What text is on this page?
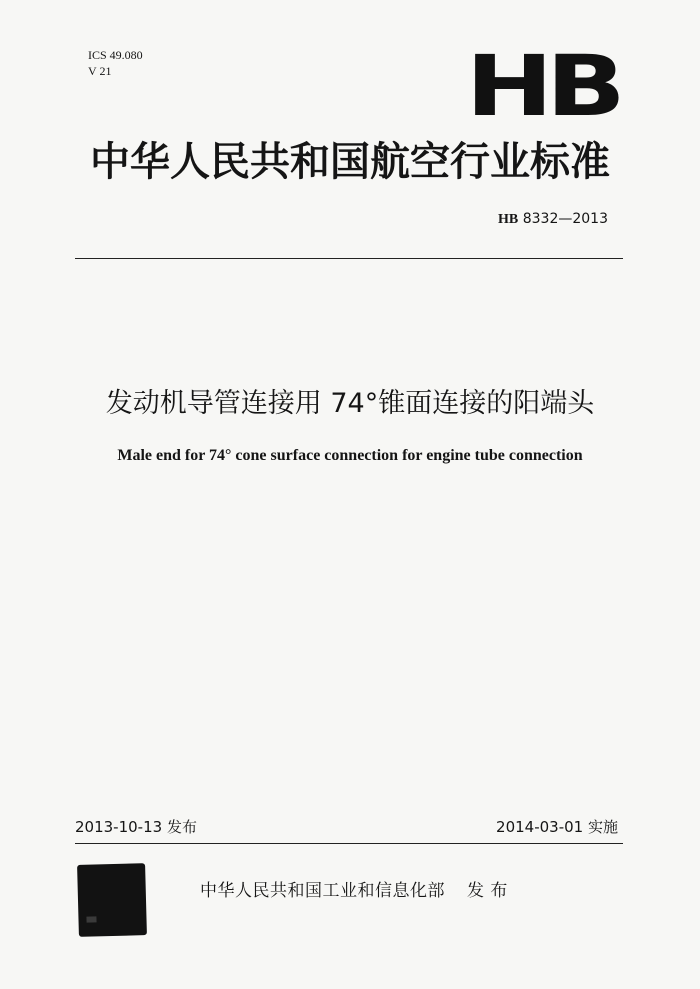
ICS 49.080
V 21	HB
中华人民共和国航空行业标准
HB 8332—2013
发动机导管连接用 74°锥面连接的阳端头
Male end for 74° cone surface connection for engine tube connection
2013-10-13 发布	2014-03-01 实施
中华人民共和国工业和信息化部 发 布
